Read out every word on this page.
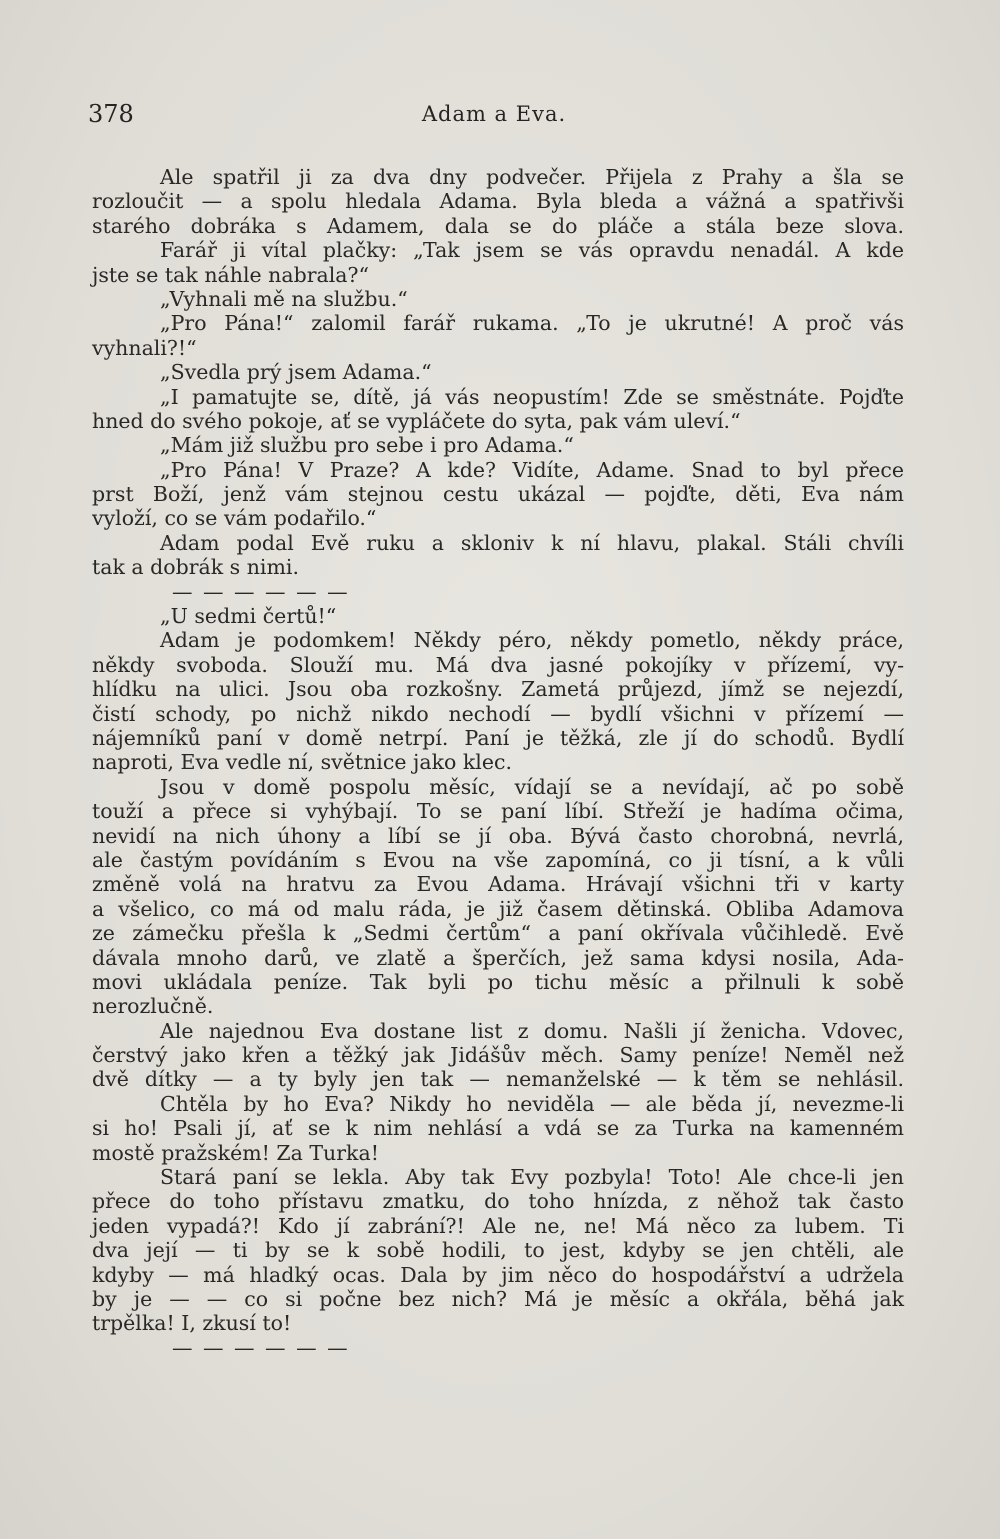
378	Adam a Eva.
Ale spatřil ji za dva dny podvečer. Přijela z Prahy a šla se
rozloučit — a spolu hledala Adama. Byla bleda a vážná a spatřivši
starého dobráka s Adamem, dala se do pláče a stála beze slova.
Farář ji vítal plačky: „Tak jsem se vás opravdu nenadál. A kde
jste se tak náhle nabrala?“
„Vyhnali mě na službu.“
„Pro Pána!“ zalomil farář rukama. „To je ukrutné! A proč vás
vyhnali?!“
„Svedla prý jsem Adama.“
„I pamatujte se, dítě, já vás neopustím! Zde se směstnáte. Pojďte
hned do svého pokoje, ať se vypláčete do syta, pak vám uleví.“
„Mám již službu pro sebe i pro Adama.“
„Pro Pána! V Praze? A kde? Vidíte, Adame. Snad to byl přece
prst Boží, jenž vám stejnou cestu ukázal — pojďte, děti, Eva nám
vyloží, co se vám podařilo.“
Adam podal Evě ruku a skloniv k ní hlavu, plakal. Stáli chvíli
tak a dobrák s nimi.
— — — — — —
„U sedmi čertů!“
Adam je podomkem! Někdy péro, někdy pometlo, někdy práce,
někdy svoboda. Slouží mu. Má dva jasné pokojíky v přízemí, vy-
hlídku na ulici. Jsou oba rozkošny. Zametá průjezd, jímž se nejezdí,
čistí schody, po nichž nikdo nechodí — bydlí všichni v přízemí —
nájemníků paní v domě netrpí. Paní je těžká, zle jí do schodů. Bydlí
naproti, Eva vedle ní, světnice jako klec.
Jsou v domě pospolu měsíc, vídají se a nevídají, ač po sobě
touží a přece si vyhýbají. To se paní líbí. Střeží je hadíma očima,
nevidí na nich úhony a líbí se jí oba. Bývá často chorobná, nevrlá,
ale častým povídáním s Evou na vše zapomíná, co ji tísní, a k vůli
změně volá na hratvu za Evou Adama. Hrávají všichni tři v karty
a všelico, co má od malu ráda, je již časem dětinská. Obliba Adamova
ze zámečku přešla k „Sedmi čertům“ a paní okřívala vůčihledě. Evě
dávala mnoho darů, ve zlatě a šperčích, jež sama kdysi nosila, Ada-
movi ukládala peníze. Tak byli po tichu měsíc a přilnuli k sobě
nerozlučně.
Ale najednou Eva dostane list z domu. Našli jí ženicha. Vdovec,
čerstvý jako křen a těžký jak Jidášův měch. Samy peníze! Neměl než
dvě dítky — a ty byly jen tak — nemanželské — k těm se nehlásil.
Chtěla by ho Eva? Nikdy ho neviděla — ale běda jí, nevezme-li
si ho! Psali jí, ať se k nim nehlásí a vdá se za Turka na kamenném
mostě pražském! Za Turka!
Stará paní se lekla. Aby tak Evy pozbyla! Toto! Ale chce-li jen
přece do toho přístavu zmatku, do toho hnízda, z něhož tak často
jeden vypadá?! Kdo jí zabrání?! Ale ne, ne! Má něco za lubem. Ti
dva její — ti by se k sobě hodili, to jest, kdyby se jen chtěli, ale
kdyby — má hladký ocas. Dala by jim něco do hospodářství a udržela
by je — — co si počne bez nich? Má je měsíc a okřála, běhá jak
trpělka! I, zkusí to!
— — — — — —
